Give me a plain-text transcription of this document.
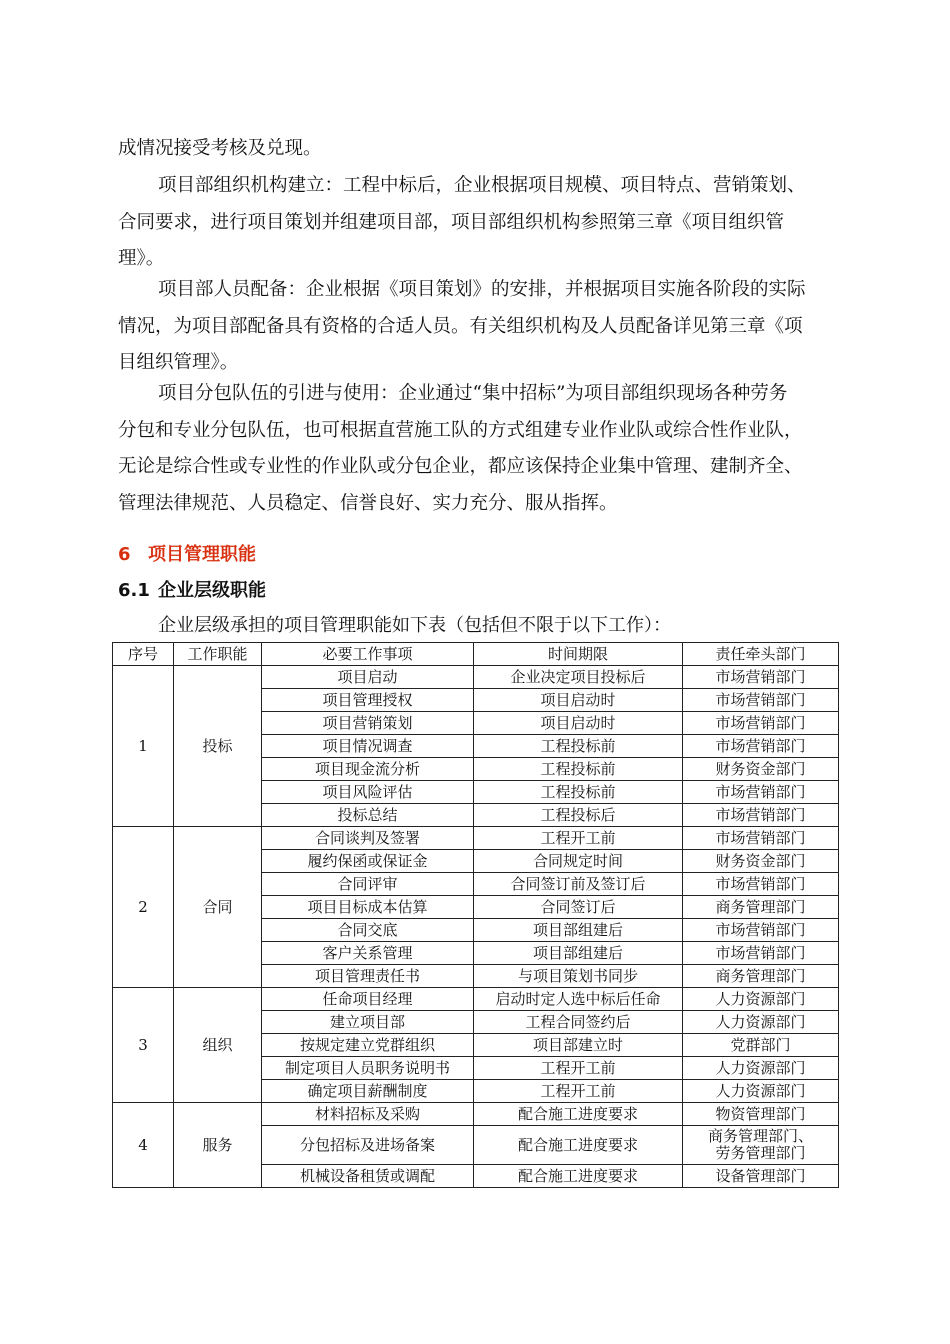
成情况接受考核及兑现。
项目部组织机构建立：工程中标后，企业根据项目规模、项目特点、营销策划、
合同要求，进行项目策划并组建项目部，项目部组织机构参照第三章《项目组织管
理》。
项目部人员配备：企业根据《项目策划》的安排，并根据项目实施各阶段的实际
情况，为项目部配备具有资格的合适人员。有关组织机构及人员配备详见第三章《项
目组织管理》。
项目分包队伍的引进与使用：企业通过“集中招标”为项目部组织现场各种劳务
分包和专业分包队伍，也可根据直营施工队的方式组建专业作业队或综合性作业队，
无论是综合性或专业性的作业队或分包企业，都应该保持企业集中管理、建制齐全、
管理法律规范、人员稳定、信誉良好、实力充分、服从指挥。
6 项目管理职能
6.1 企业层级职能

企业层级承担的项目管理职能如下表（包括但不限于以下工作）：

序号	工作职能	必要工作事项	时间期限	责任牵头部门
1	投标	项目启动	企业决定项目投标后	市场营销部门
		项目管理授权	项目启动时	市场营销部门
		项目营销策划	项目启动时	市场营销部门
		项目情况调查	工程投标前	市场营销部门
		项目现金流分析	工程投标前	财务资金部门
		项目风险评估	工程投标前	市场营销部门
		投标总结	工程投标后	市场营销部门
2	合同	合同谈判及签署	工程开工前	市场营销部门
		履约保函或保证金	合同规定时间	财务资金部门
		合同评审	合同签订前及签订后	市场营销部门
		项目目标成本估算	合同签订后	商务管理部门
		合同交底	项目部组建后	市场营销部门
		客户关系管理	项目部组建后	市场营销部门
		项目管理责任书	与项目策划书同步	商务管理部门
3	组织	任命项目经理	启动时定人选中标后任命	人力资源部门
		建立项目部	工程合同签约后	人力资源部门
		按规定建立党群组织	项目部建立时	党群部门
		制定项目人员职务说明书	工程开工前	人力资源部门
		确定项目薪酬制度	工程开工前	人力资源部门
4	服务	材料招标及采购	配合施工进度要求	物资管理部门
		分包招标及进场备案	配合施工进度要求	商务管理部门、
劳务管理部门

		机械设备租赁或调配	配合施工进度要求	设备管理部门
